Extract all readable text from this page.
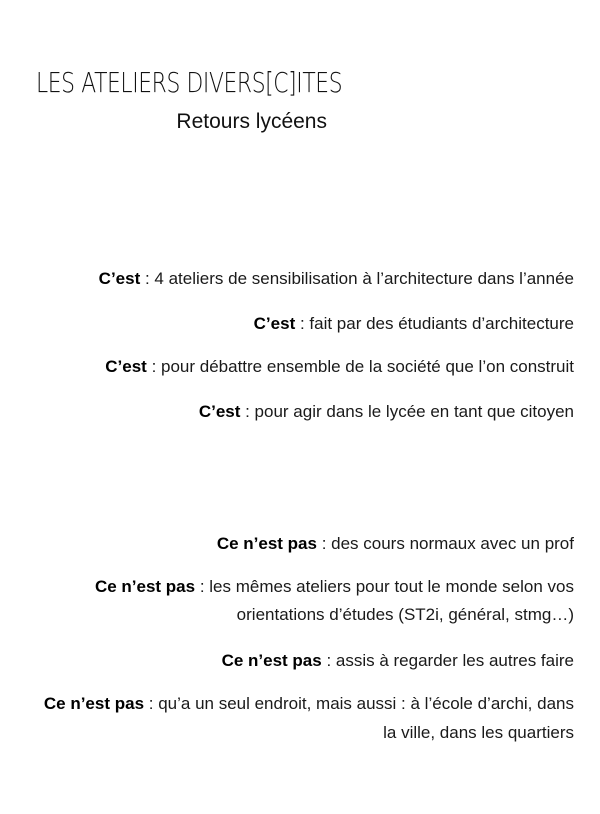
LES ATELIERS DIVERS[C]ITES
Retours lycéens
C’est : 4 ateliers de sensibilisation à l’architecture dans l’année
C’est : fait par des étudiants d’architecture
C’est : pour débattre ensemble de la société que l’on construit
C’est : pour agir dans le lycée en tant que citoyen
Ce n’est pas : des cours normaux avec un prof
Ce n’est pas : les mêmes ateliers pour tout le monde selon vos
orientations d’études (ST2i, général, stmg…)
Ce n’est pas : assis à regarder les autres faire
Ce n’est pas : qu’a un seul endroit, mais aussi : à l’école d’archi, dans
la ville, dans les quartiers
